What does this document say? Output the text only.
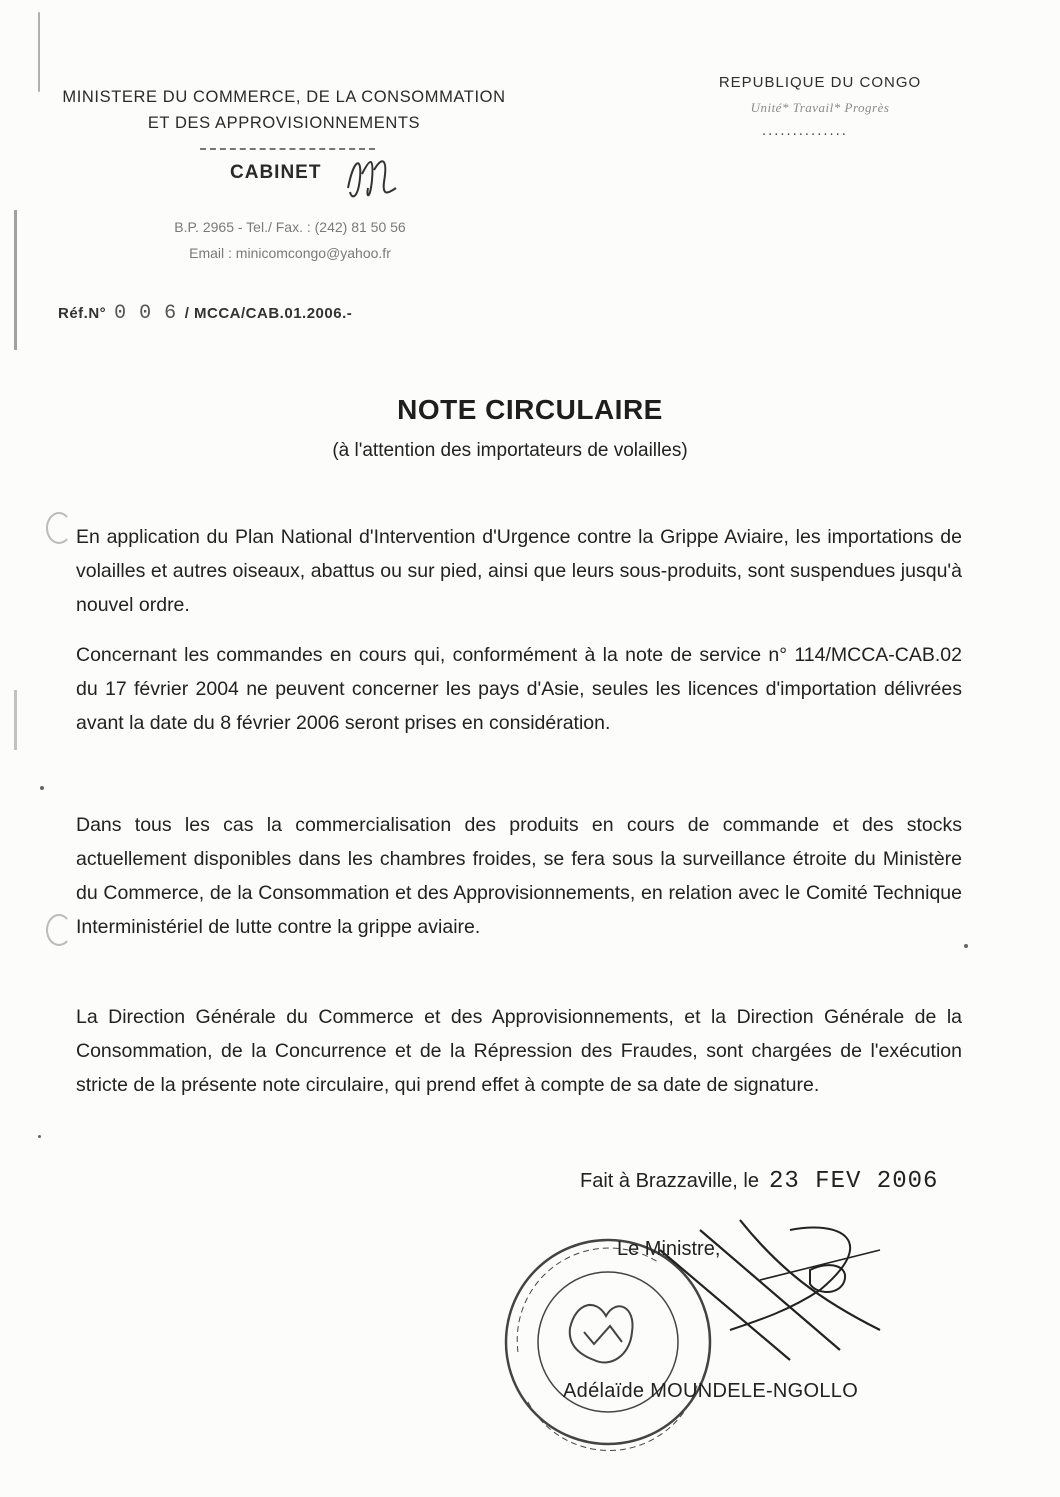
MINISTERE DU COMMERCE, DE LA CONSOMMATION
ET DES APPROVISIONNEMENTS
CABINET
B.P. 2965 - Tel./ Fax. : (242) 81 50 56
Email : minicomcongo@yahoo.fr
REPUBLIQUE DU CONGO
Unité* Travail* Progrès
..............
Réf.N° 0 0 6 / MCCA/CAB.01.2006.-
NOTE CIRCULAIRE
(à l'attention des importateurs de volailles)
En application du Plan National d'Intervention d'Urgence contre la Grippe Aviaire, les importations de volailles et autres oiseaux, abattus ou sur pied, ainsi que leurs sous-produits, sont suspendues jusqu'à nouvel ordre.
Concernant les commandes en cours qui, conformément à la note de service n° 114/MCCA-CAB.02 du 17 février 2004 ne peuvent concerner les pays d'Asie, seules les licences d'importation délivrées avant la date du 8 février 2006 seront prises en considération.
Dans tous les cas la commercialisation des produits en cours de commande et des stocks actuellement disponibles dans les chambres froides, se fera sous la surveillance étroite du Ministère du Commerce, de la Consommation et des Approvisionnements, en relation avec le Comité Technique Interministériel de lutte contre la grippe aviaire.
La Direction Générale du Commerce et des Approvisionnements, et la Direction Générale de la Consommation, de la Concurrence et de la Répression des Fraudes, sont chargées de l'exécution stricte de la présente note circulaire, qui prend effet à compte de sa date de signature.
Fait à Brazzaville, le 23 FEV 2006
Le Ministre,
Adélaïde MOUNDELE-NGOLLO
